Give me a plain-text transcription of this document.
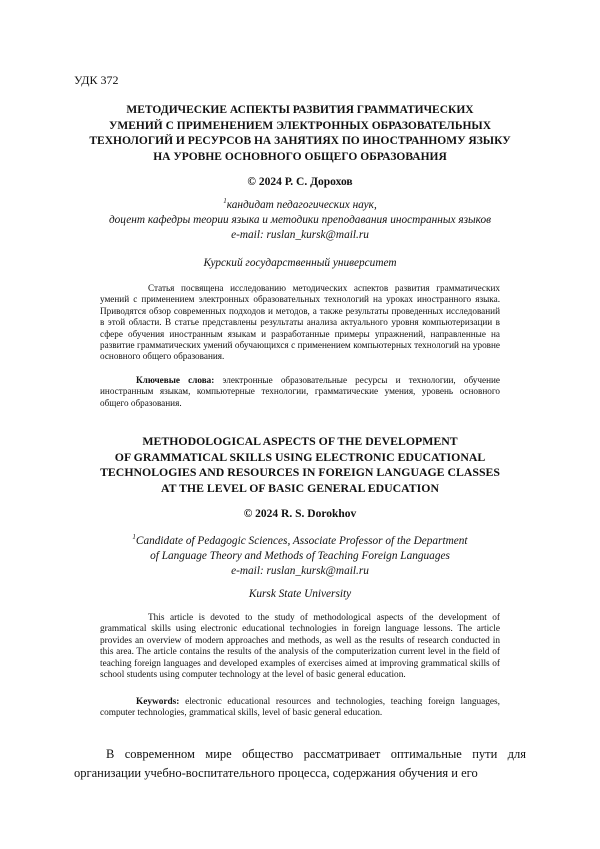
УДК 372
МЕТОДИЧЕСКИЕ АСПЕКТЫ РАЗВИТИЯ ГРАММАТИЧЕСКИХ
УМЕНИЙ С ПРИМЕНЕНИЕМ ЭЛЕКТРОННЫХ ОБРАЗОВАТЕЛЬНЫХ
ТЕХНОЛОГИЙ И РЕСУРСОВ НА ЗАНЯТИЯХ ПО ИНОСТРАННОМУ ЯЗЫКУ
НА УРОВНЕ ОСНОВНОГО ОБЩЕГО ОБРАЗОВАНИЯ
© 2024 Р. С. Дорохов
$^1$кандидат педагогических наук,
доцент кафедры теории языка и методики преподавания иностранных языков
e-mail: ruslan_kursk@mail.ru
Курский государственный университет

Статья посвящена исследованию методических аспектов развития грамматических умений с применением электронных образовательных технологий на уроках иностранного языка. Приводятся обзор современных подходов и методов, а также результаты проведенных исследований в этой области. В статье представлены результаты анализа актуального уровня компьютеризации в сфере обучения иностранным языкам и разработанные примеры упражнений, направленные на развитие грамматических умений обучающихся с применением компьютерных технологий на уровне основного общего образования.

Ключевые слова: электронные образовательные ресурсы и технологии, обучение иностранным языкам, компьютерные технологии, грамматические умения, уровень основного общего образования.

METHODOLOGICAL ASPECTS OF THE DEVELOPMENT
OF GRAMMATICAL SKILLS USING ELECTRONIC EDUCATIONAL
TECHNOLOGIES AND RESOURCES IN FOREIGN LANGUAGE CLASSES
AT THE LEVEL OF BASIC GENERAL EDUCATION
© 2024 R. S. Dorokhov
$^1$Candidate of Pedagogic Sciences, Associate Professor of the Department
of Language Theory and Methods of Teaching Foreign Languages
e-mail: ruslan_kursk@mail.ru
Kursk State University

This article is devoted to the study of methodological aspects of the development of grammatical skills using electronic educational technologies in foreign language lessons. The article provides an overview of modern approaches and methods, as well as the results of research conducted in this area. The article contains the results of the analysis of the computerization current level in the field of teaching foreign languages and developed examples of exercises aimed at improving grammatical skills of school students using computer technology at the level of basic general education.

Keywords: electronic educational resources and technologies, teaching foreign languages, computer technologies, grammatical skills, level of basic general education.

В современном мире общество рассматривает оптимальные пути для организации учебно-воспитательного процесса, содержания обучения и его
